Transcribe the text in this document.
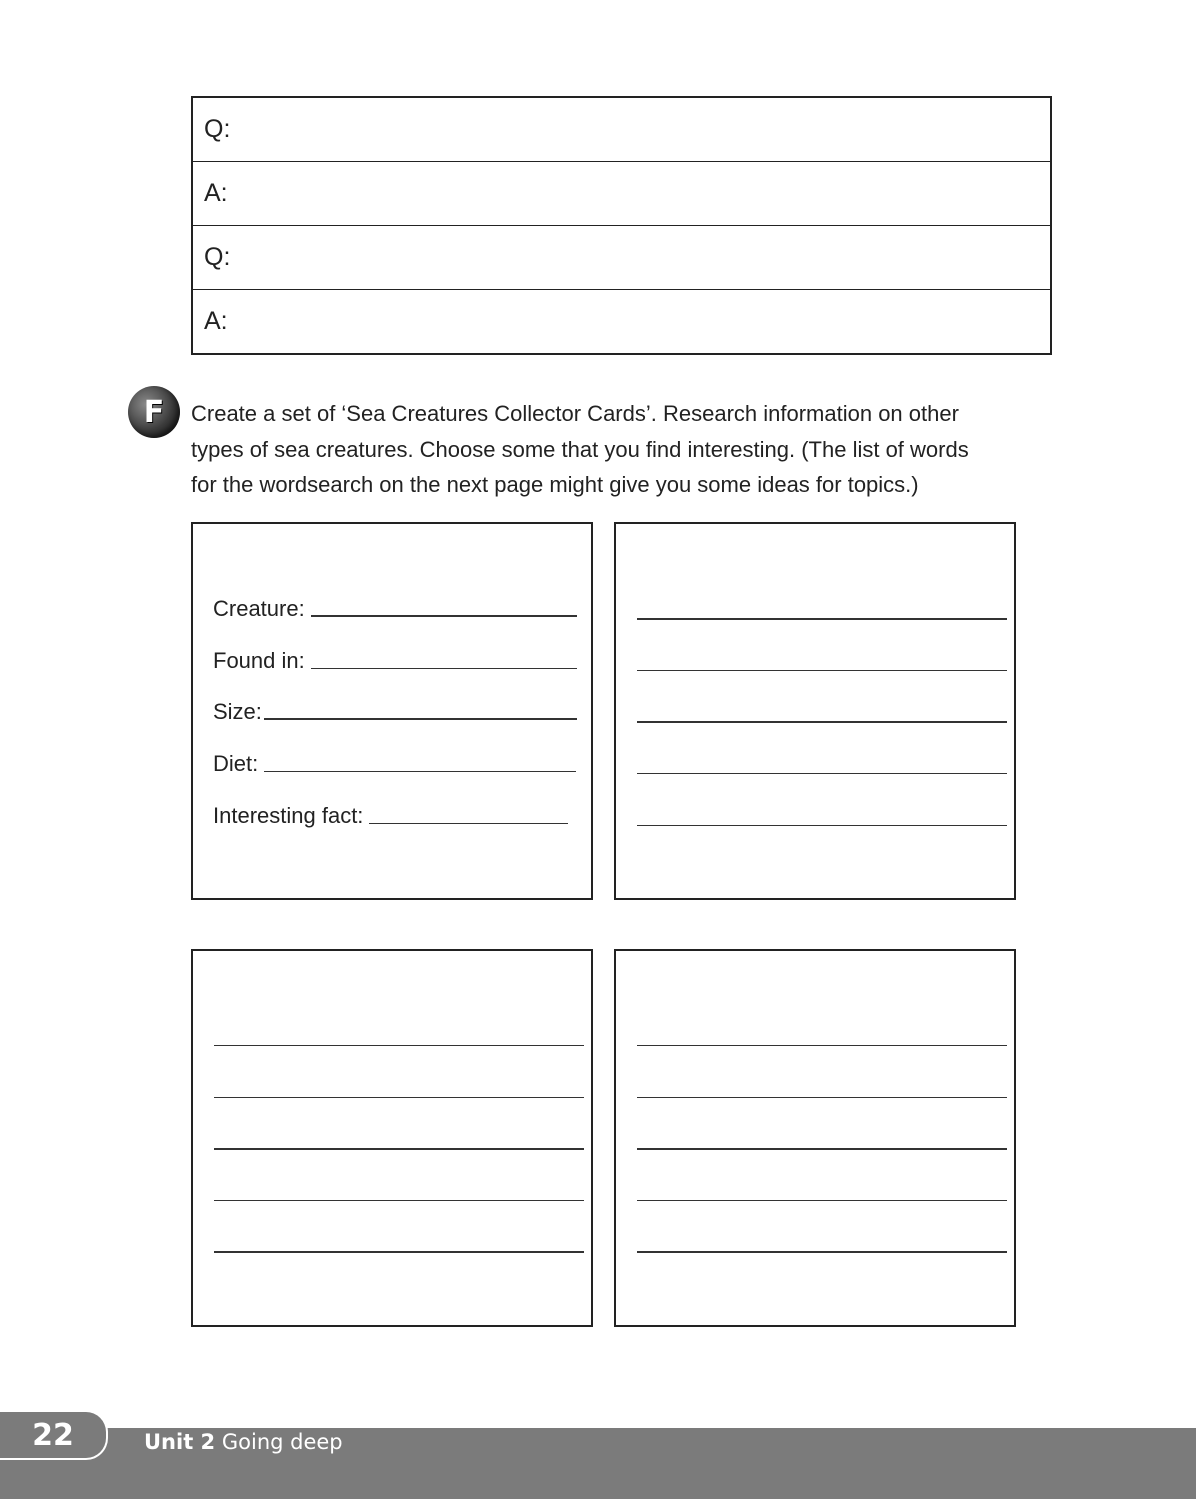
Q:
A:
Q:
A:
F Create a set of ‘Sea Creatures Collector Cards’. Research information on other

types of sea creatures. Choose some that you find interesting. (The list of words

for the wordsearch on the next page might give you some ideas for topics.)

Creature:
Found in:
Size:
Diet:
Interesting fact:
22	Unit 2 Going deep
